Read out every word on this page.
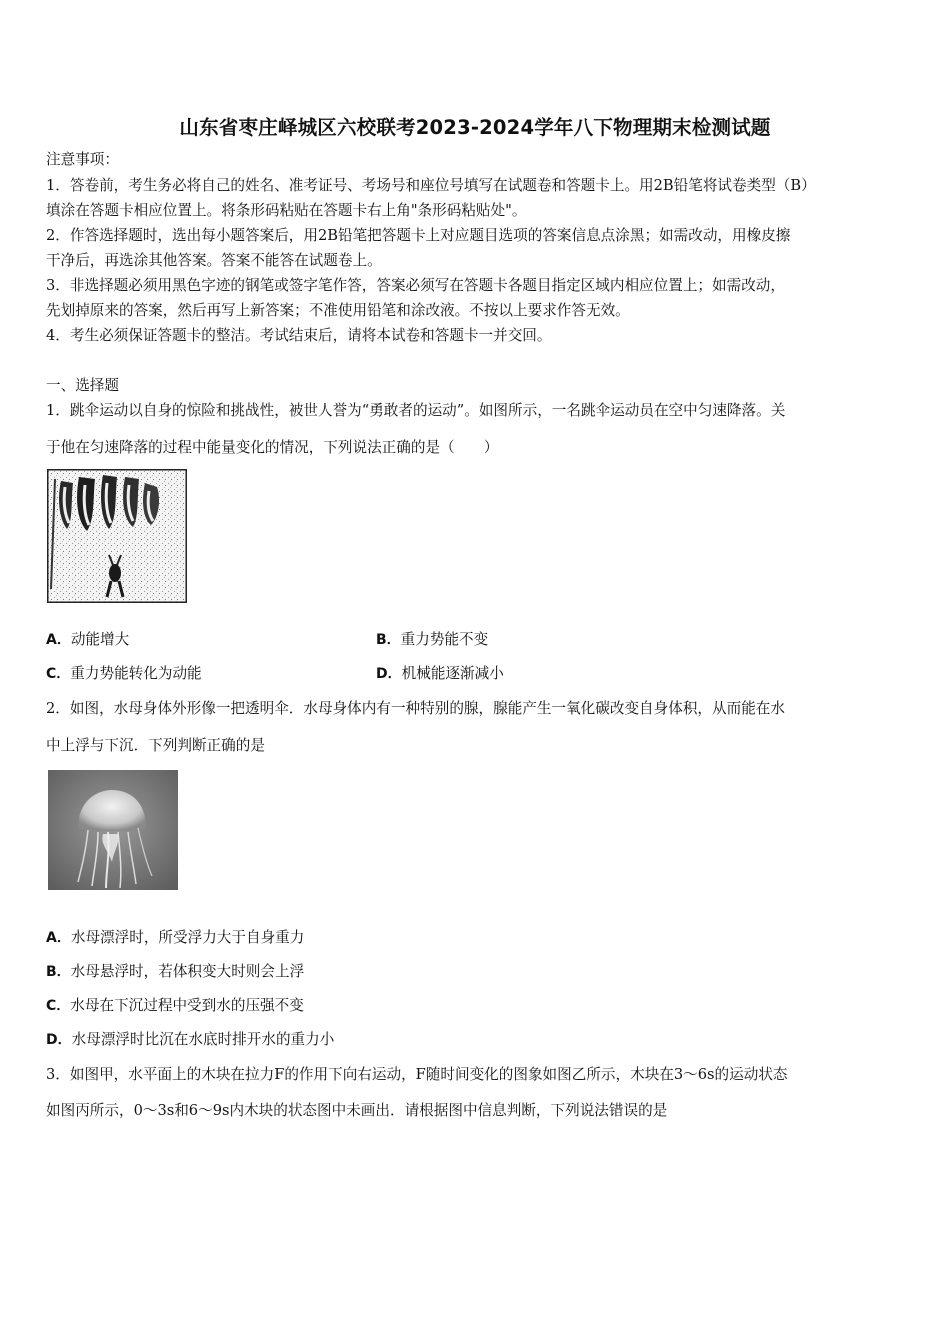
山东省枣庄峄城区六校联考2023-2024学年八下物理期末检测试题
注意事项：
1．答卷前，考生务必将自己的姓名、准考证号、考场号和座位号填写在试题卷和答题卡上。用2B铅笔将试卷类型（B）
填涂在答题卡相应位置上。将条形码粘贴在答题卡右上角"条形码粘贴处"。
2．作答选择题时，选出每小题答案后，用2B铅笔把答题卡上对应题目选项的答案信息点涂黑；如需改动，用橡皮擦
干净后，再选涂其他答案。答案不能答在试题卷上。
3．非选择题必须用黑色字迹的钢笔或签字笔作答，答案必须写在答题卡各题目指定区域内相应位置上；如需改动，
先划掉原来的答案，然后再写上新答案；不准使用铅笔和涂改液。不按以上要求作答无效。
4．考生必须保证答题卡的整洁。考试结束后，请将本试卷和答题卡一并交回。
一、选择题
1．跳伞运动以自身的惊险和挑战性，被世人誉为“勇敢者的运动”。如图所示，一名跳伞运动员在空中匀速降落。关
于他在匀速降落的过程中能量变化的情况，下列说法正确的是（　　）
A．动能增大	B．重力势能不变
C．重力势能转化为动能	D．机械能逐渐减小
2．如图，水母身体外形像一把透明伞．水母身体内有一种特别的腺，腺能产生一氧化碳改变自身体积，从而能在水
中上浮与下沉．下列判断正确的是
A．水母漂浮时，所受浮力大于自身重力
B．水母悬浮时，若体积变大时则会上浮
C．水母在下沉过程中受到水的压强不变
D．水母漂浮时比沉在水底时排开水的重力小
3．如图甲，水平面上的木块在拉力F的作用下向右运动，F随时间变化的图象如图乙所示，木块在3～6s的运动状态
如图丙所示，0～3s和6～9s内木块的状态图中未画出．请根据图中信息判断，下列说法错误的是
